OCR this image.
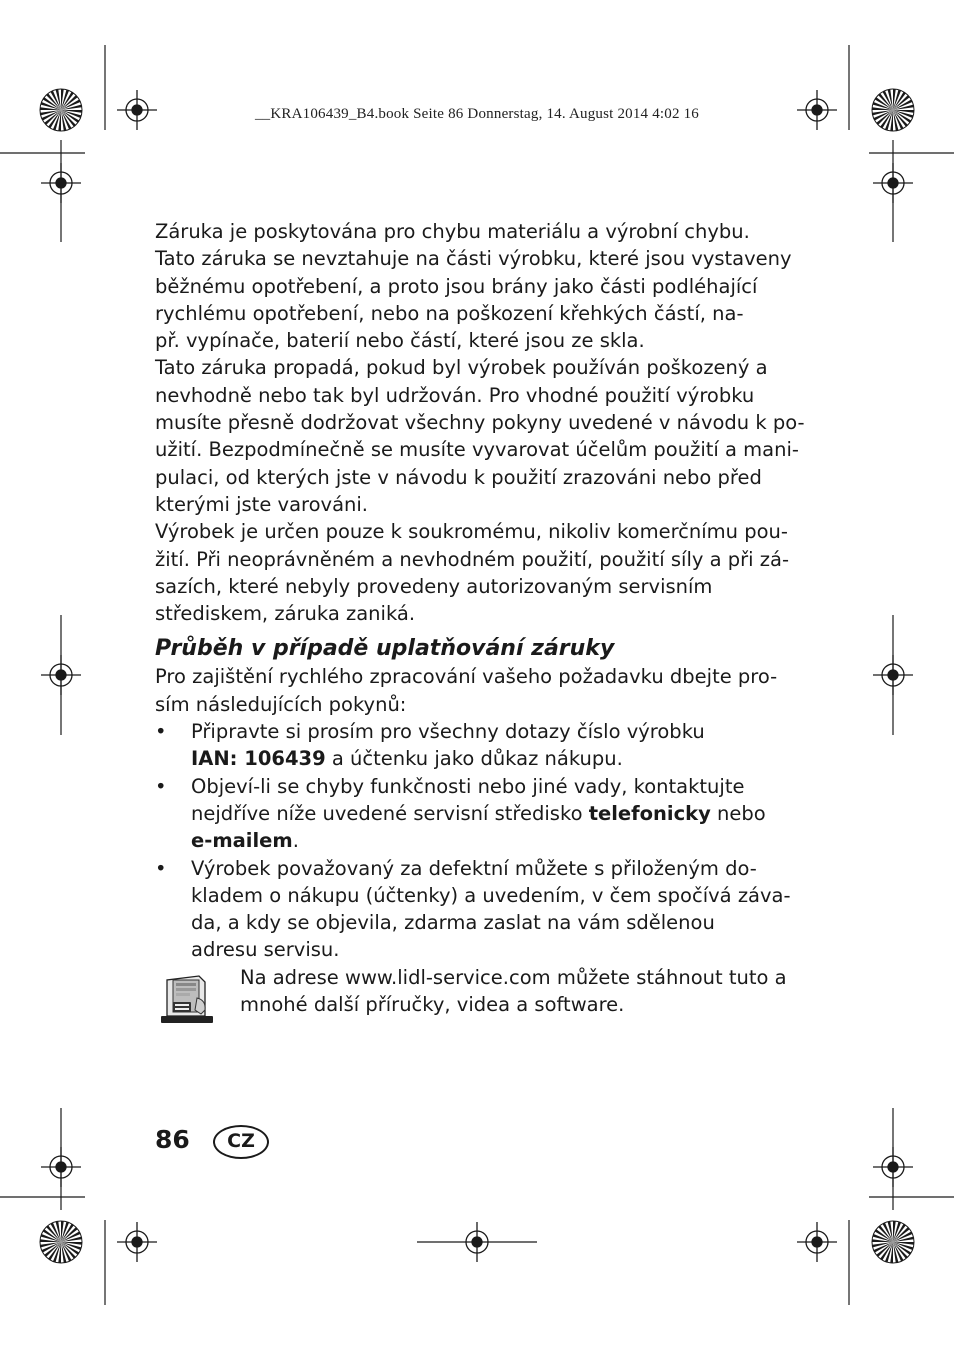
__KRA106439_B4.book Seite 86 Donnerstag, 14. August 2014 4:02 16
Záruka je poskytována pro chybu materiálu a výrobní chybu.
Tato záruka se nevztahuje na části výrobku, které jsou vystaveny
běžnému opotřebení, a proto jsou brány jako části podléhající
rychlému opotřebení, nebo na poškození křehkých částí, na-
př. vypínače, baterií nebo částí, které jsou ze skla.
Tato záruka propadá, pokud byl výrobek používán poškozený a
nevhodně nebo tak byl udržován. Pro vhodné použití výrobku
musíte přesně dodržovat všechny pokyny uvedené v návodu k po-
užití. Bezpodmínečně se musíte vyvarovat účelům použití a mani-
pulaci, od kterých jste v návodu k použití zrazováni nebo před
kterými jste varováni.
Výrobek je určen pouze k soukromému, nikoliv komerčnímu pou-
žití. Při neoprávněném a nevhodném použití, použití síly a při zá-
sazích, které nebyly provedeny autorizovaným servisním
střediskem, záruka zaniká.
Průběh v případě uplatňování záruky
Pro zajištění rychlého zpracování vašeho požadavku dbejte pro-
sím následujících pokynů:
• Připravte si prosím pro všechny dotazy číslo výrobku
IAN: 106439 a účtenku jako důkaz nákupu.
• Objeví-li se chyby funkčnosti nebo jiné vady, kontaktujte
nejdříve níže uvedené servisní středisko telefonicky nebo
e-mailem.
• Výrobek považovaný za defektní můžete s přiloženým do-
kladem o nákupu (účtenky) a uvedením, v čem spočívá záva-
da, a kdy se objevila, zdarma zaslat na vám sdělenou
adresu servisu.
Na adrese www.lidl-service.com můžete stáhnout tuto a
mnohé další příručky, videa a software.
86	CZ
